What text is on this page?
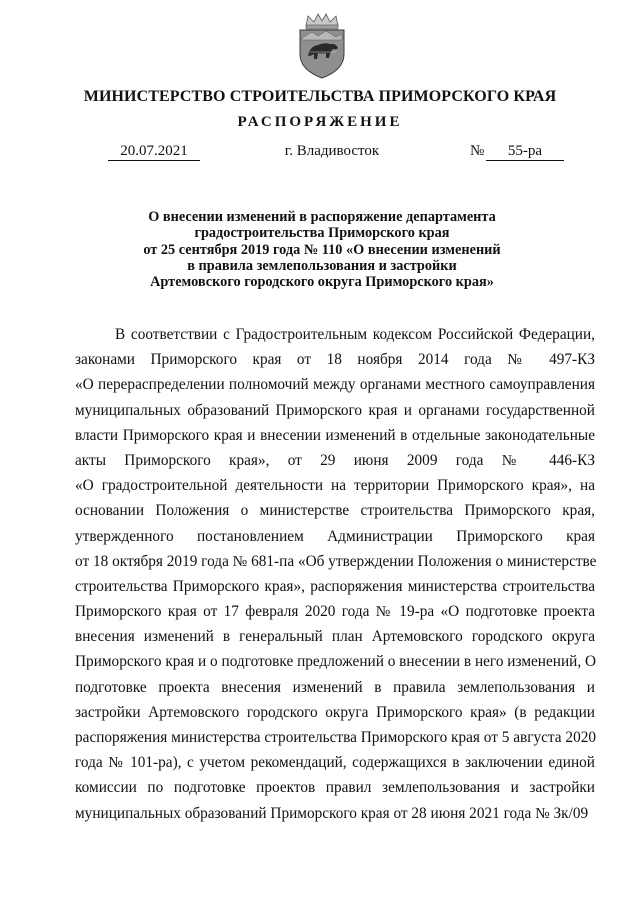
МИНИСТЕРСТВО СТРОИТЕЛЬСТВА ПРИМОРСКОГО КРАЯ
РАСПОРЯЖЕНИЕ
20.07.2021	г. Владивосток	№	55-ра
О внесении изменений в распоряжение департамента
градостроительства Приморского края
от 25 сентября 2019 года № 110 «О внесении изменений
в правила землепользования и застройки
Артемовского городского округа Приморского края»
В соответствии с Градостроительным кодексом Российской Федерации,
законами Приморского края от 18 ноября 2014 года № 497-КЗ
«О перераспределении полномочий между органами местного самоуправления
муниципальных образований Приморского края и органами государственной
власти Приморского края и внесении изменений в отдельные законодательные
акты Приморского края», от 29 июня 2009 года № 446-КЗ
«О градостроительной деятельности на территории Приморского края», на
основании Положения о министерстве строительства Приморского края,
утвержденного постановлением Администрации Приморского края
от 18 октября 2019 года № 681-па «Об утверждении Положения о министерстве
строительства Приморского края», распоряжения министерства строительства
Приморского края от 17 февраля 2020 года № 19-ра «О подготовке проекта
внесения изменений в генеральный план Артемовского городского округа
Приморского края и о подготовке предложений о внесении в него изменений, О
подготовке проекта внесения изменений в правила землепользования и
застройки Артемовского городского округа Приморского края» (в редакции
распоряжения министерства строительства Приморского края от 5 августа 2020
года № 101-ра), с учетом рекомендаций, содержащихся в заключении единой
комиссии по подготовке проектов правил землепользования и застройки
муниципальных образований Приморского края от 28 июня 2021 года № Зк/09
